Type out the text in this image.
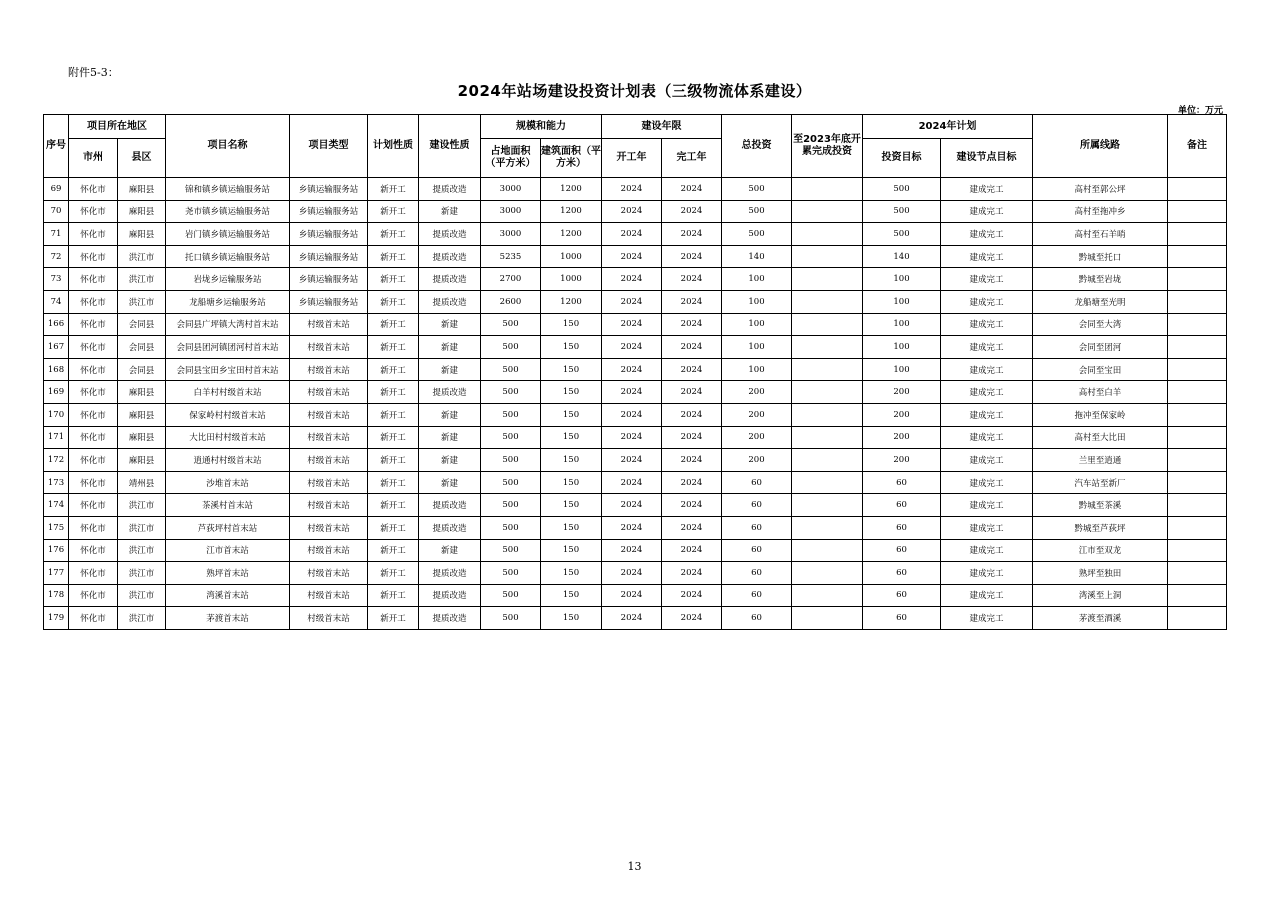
附件5-3：
2024年站场建设投资计划表（三级物流体系建设）
单位：万元
序号	项目所在地区		项目名称	项目类型	计划性质	建设性质	规模和能力		建设年限		总投资	至2023年底开累完成投资	2024年计划		所属线路	备注
	市州	县区					占地面积（平方米）	建筑面积（平方米）	开工年	完工年			投资目标	建设节点目标		
69	怀化市	麻阳县	锦和镇乡镇运输服务站	乡镇运输服务站	新开工	提质改造	3000	1200	2024	2024	500		500	建成完工	高村至郭公坪	
70	怀化市	麻阳县	尧市镇乡镇运输服务站	乡镇运输服务站	新开工	新建	3000	1200	2024	2024	500		500	建成完工	高村至拖冲乡	
71	怀化市	麻阳县	岩门镇乡镇运输服务站	乡镇运输服务站	新开工	提质改造	3000	1200	2024	2024	500		500	建成完工	高村至石羊哨	
72	怀化市	洪江市	托口镇乡镇运输服务站	乡镇运输服务站	新开工	提质改造	5235	1000	2024	2024	140		140	建成完工	黔城至托口	
73	怀化市	洪江市	岩垅乡运输服务站	乡镇运输服务站	新开工	提质改造	2700	1000	2024	2024	100		100	建成完工	黔城至岩垅	
74	怀化市	洪江市	龙船塘乡运输服务站	乡镇运输服务站	新开工	提质改造	2600	1200	2024	2024	100		100	建成完工	龙船塘至光明	
166	怀化市	会同县	会同县广坪镇大湾村首末站	村级首末站	新开工	新建	500	150	2024	2024	100		100	建成完工	会同至大湾	
167	怀化市	会同县	会同县团河镇团河村首末站	村级首末站	新开工	新建	500	150	2024	2024	100		100	建成完工	会同至团河	
168	怀化市	会同县	会同县宝田乡宝田村首末站	村级首末站	新开工	新建	500	150	2024	2024	100		100	建成完工	会同至宝田	
169	怀化市	麻阳县	白羊村村级首末站	村级首末站	新开工	提质改造	500	150	2024	2024	200		200	建成完工	高村至白羊	
170	怀化市	麻阳县	保家岭村村级首末站	村级首末站	新开工	新建	500	150	2024	2024	200		200	建成完工	拖冲至保家岭	
171	怀化市	麻阳县	大比田村村级首末站	村级首末站	新开工	新建	500	150	2024	2024	200		200	建成完工	高村至大比田	
172	怀化市	麻阳县	逍通村村级首末站	村级首末站	新开工	新建	500	150	2024	2024	200		200	建成完工	兰里至逍通	
173	怀化市	靖州县	沙堆首末站	村级首末站	新开工	新建	500	150	2024	2024	60		60	建成完工	汽车站至新厂	
174	怀化市	洪江市	茶溪村首末站	村级首末站	新开工	提质改造	500	150	2024	2024	60		60	建成完工	黔城至茶溪	
175	怀化市	洪江市	芦荻坪村首末站	村级首末站	新开工	提质改造	500	150	2024	2024	60		60	建成完工	黔城至芦荻坪	
176	怀化市	洪江市	江市首末站	村级首末站	新开工	新建	500	150	2024	2024	60		60	建成完工	江市至双龙	
177	怀化市	洪江市	熟坪首末站	村级首末站	新开工	提质改造	500	150	2024	2024	60		60	建成完工	熟坪至独田	
178	怀化市	洪江市	湾溪首末站	村级首末站	新开工	提质改造	500	150	2024	2024	60		60	建成完工	湾溪至上洞	
179	怀化市	洪江市	茅渡首末站	村级首末站	新开工	提质改造	500	150	2024	2024	60		60	建成完工	茅渡至酒溪	
13
